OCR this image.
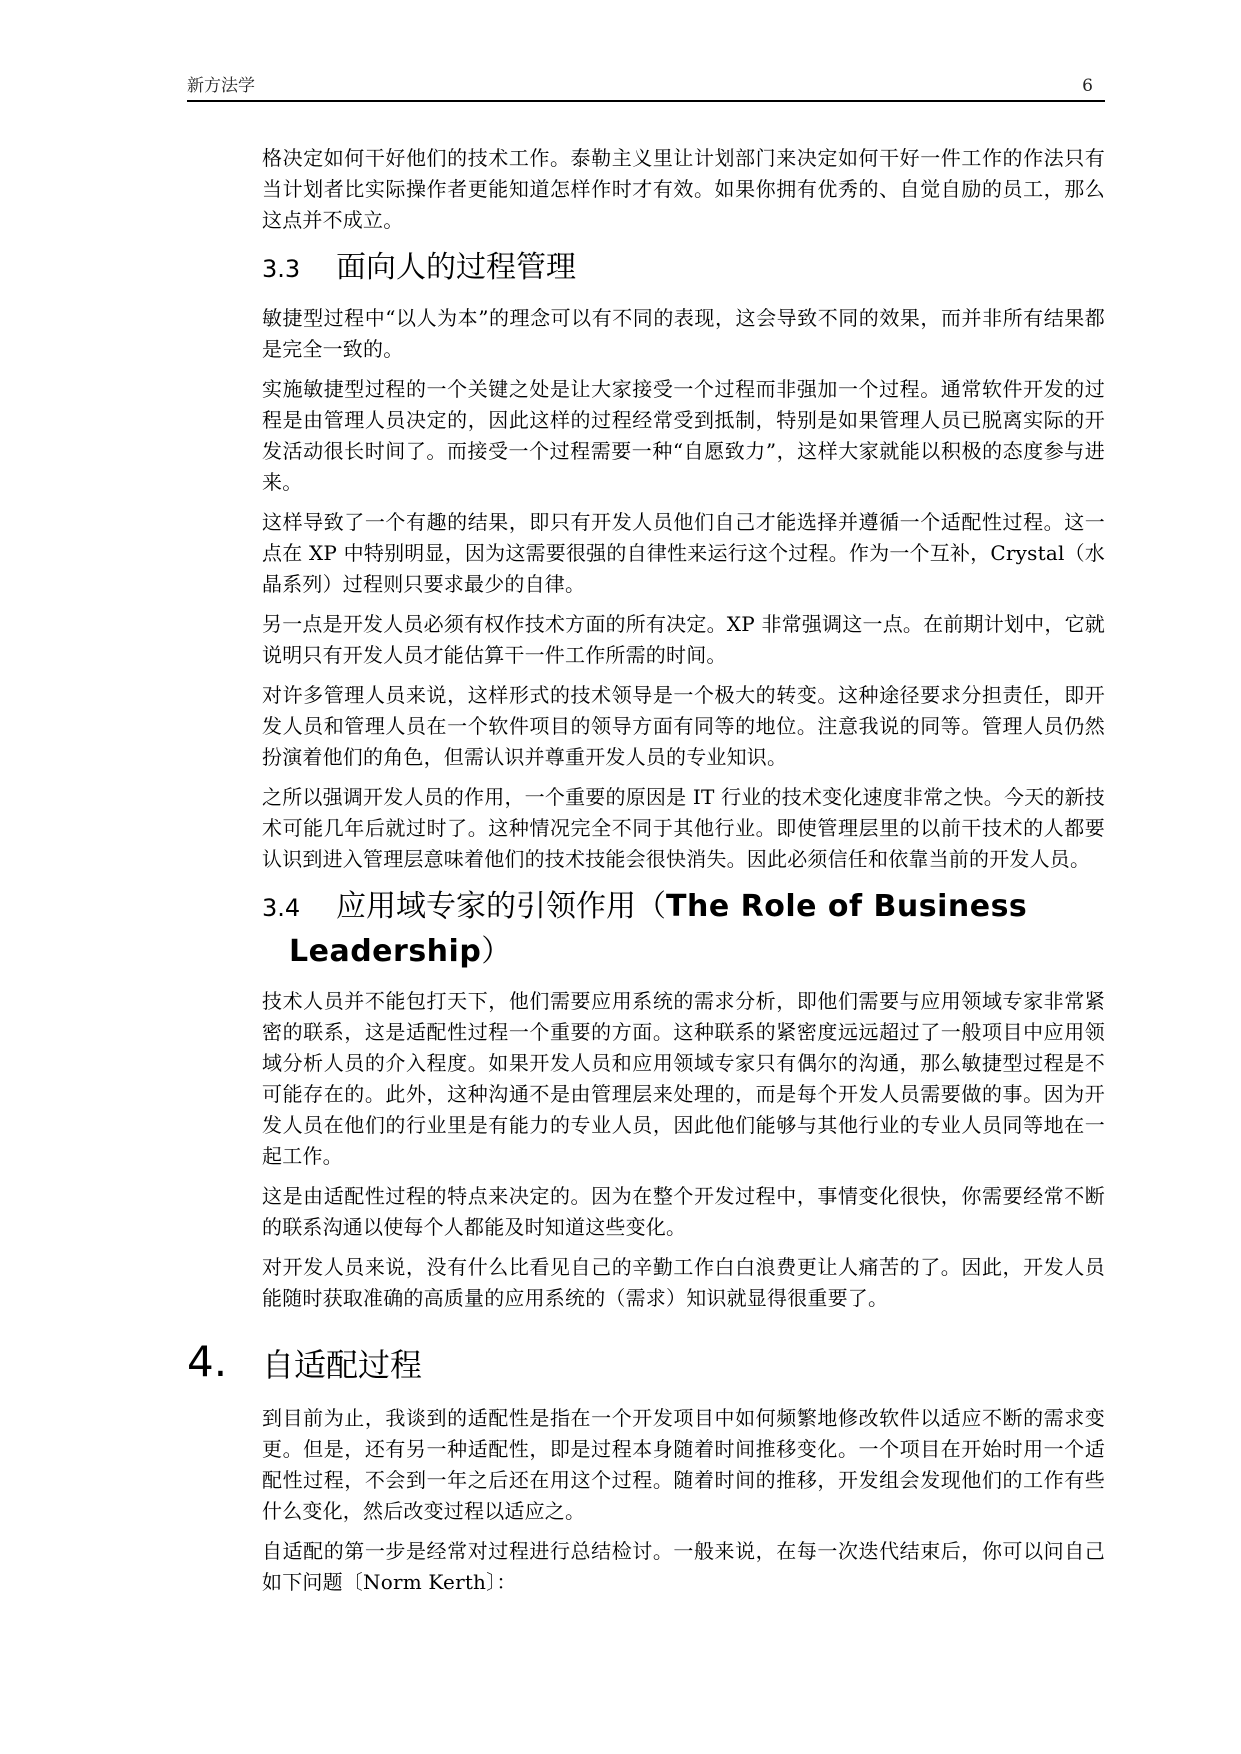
新方法学	6

格决定如何干好他们的技术工作。泰勒主义里让计划部门来决定如何干好一件工作的作法只有当计划者比实际操作者更能知道怎样作时才有效。如果你拥有优秀的、自觉自励的员工，那么这点并不成立。

3.3 面向人的过程管理

敏捷型过程中“以人为本”的理念可以有不同的表现，这会导致不同的效果，而并非所有结果都是完全一致的。

实施敏捷型过程的一个关键之处是让大家接受一个过程而非强加一个过程。通常软件开发的过程是由管理人员决定的，因此这样的过程经常受到抵制，特别是如果管理人员已脱离实际的开发活动很长时间了。而接受一个过程需要一种“自愿致力”，这样大家就能以积极的态度参与进来。

这样导致了一个有趣的结果，即只有开发人员他们自己才能选择并遵循一个适配性过程。这一点在 XP 中特别明显，因为这需要很强的自律性来运行这个过程。作为一个互补，Crystal（水晶系列）过程则只要求最少的自律。

另一点是开发人员必须有权作技术方面的所有决定。XP 非常强调这一点。在前期计划中，它就说明只有开发人员才能估算干一件工作所需的时间。

对许多管理人员来说，这样形式的技术领导是一个极大的转变。这种途径要求分担责任，即开发人员和管理人员在一个软件项目的领导方面有同等的地位。注意我说的同等。管理人员仍然扮演着他们的角色，但需认识并尊重开发人员的专业知识。

之所以强调开发人员的作用，一个重要的原因是 IT 行业的技术变化速度非常之快。今天的新技术可能几年后就过时了。这种情况完全不同于其他行业。即使管理层里的以前干技术的人都要认识到进入管理层意味着他们的技术技能会很快消失。因此必须信任和依靠当前的开发人员。

3.4 应用域专家的引领作用（The Role of Business
Leadership）

技术人员并不能包打天下，他们需要应用系统的需求分析，即他们需要与应用领域专家非常紧密的联系，这是适配性过程一个重要的方面。这种联系的紧密度远远超过了一般项目中应用领域分析人员的介入程度。如果开发人员和应用领域专家只有偶尔的沟通，那么敏捷型过程是不可能存在的。此外，这种沟通不是由管理层来处理的，而是每个开发人员需要做的事。因为开发人员在他们的行业里是有能力的专业人员，因此他们能够与其他行业的专业人员同等地在一起工作。

这是由适配性过程的特点来决定的。因为在整个开发过程中，事情变化很快，你需要经常不断的联系沟通以使每个人都能及时知道这些变化。

对开发人员来说，没有什么比看见自己的辛勤工作白白浪费更让人痛苦的了。因此，开发人员能随时获取准确的高质量的应用系统的（需求）知识就显得很重要了。

4. 自适配过程

到目前为止，我谈到的适配性是指在一个开发项目中如何频繁地修改软件以适应不断的需求变更。但是，还有另一种适配性，即是过程本身随着时间推移变化。一个项目在开始时用一个适配性过程，不会到一年之后还在用这个过程。随着时间的推移，开发组会发现他们的工作有些什么变化，然后改变过程以适应之。

自适配的第一步是经常对过程进行总结检讨。一般来说，在每一次迭代结束后，你可以问自己如下问题〔Norm Kerth〕：
